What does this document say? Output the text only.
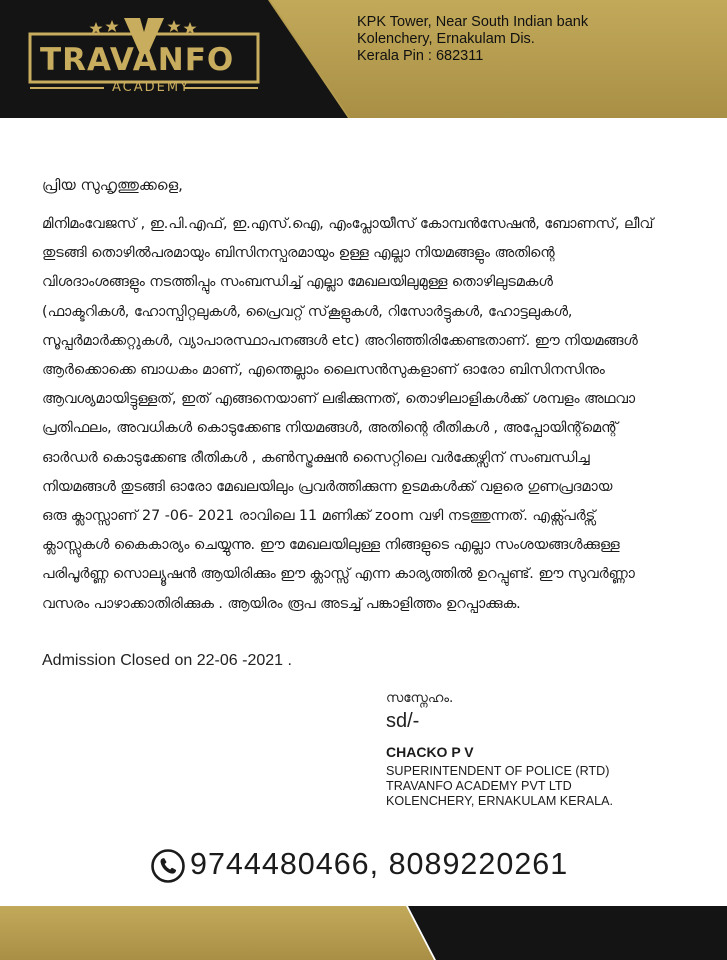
TRAVANFO
ACADEMY
KPK Tower, Near South Indian bank
Kolenchery, Ernakulam Dis.
Kerala Pin : 682311
പ്രിയ സുഹൃത്തുക്കളെ,
മിനിമംവേജസ് , ഇ.പി.എഫ്, ഇ.എസ്.ഐ, എംപ്ലോയീസ് കോമ്പൻസേഷൻ, ബോണസ്, ലീവ്
തുടങ്ങി തൊഴിൽപരമായും ബിസിനസ്പരമായും ഉള്ള എല്ലാ നിയമങ്ങളും അതിന്റെ
വിശദാംശങ്ങളും നടത്തിപ്പും സംബന്ധിച്ച് എല്ലാ മേഖലയിലുമുള്ള തൊഴിലുടമകൾ
(ഫാക്ടറികൾ, ഹോസ്പിറ്റലുകൾ, പ്രൈവറ്റ് സ്‌കൂളുകൾ, റിസോർട്ടുകൾ, ഹോട്ടലുകൾ,
സൂപ്പർമാർക്കറ്റുകൾ, വ്യാപാരസ്ഥാപനങ്ങൾ etc) അറിഞ്ഞിരിക്കേണ്ടതാണ്. ഈ നിയമങ്ങൾ
ആർക്കൊക്കെ ബാധകം മാണ്, എന്തെല്ലാം ലൈസൻസുകളാണ് ഓരോ ബിസിനസിനും
ആവശ്യമായിട്ടുള്ളത്, ഇത് എങ്ങനെയാണ് ലഭിക്കുന്നത്, തൊഴിലാളികൾക്ക് ശമ്പളം അഥവാ
പ്രതിഫലം, അവധികൾ കൊടുക്കേണ്ട നിയമങ്ങൾ, അതിന്റെ രീതികൾ , അപ്പോയിന്റ്മെന്റ്
ഓർഡർ കൊടുക്കേണ്ട രീതികൾ , കൺസ്ട്രക്ഷൻ സൈറ്റിലെ വർക്കേഴ്സിന് സംബന്ധിച്ച
നിയമങ്ങൾ തുടങ്ങി ഓരോ മേഖലയിലും പ്രവർത്തിക്കുന്ന ഉടമകൾക്ക് വളരെ ഗുണപ്രദമായ
ഒരു ക്ലാസ്സാണ് 27 -06- 2021 രാവിലെ 11 മണിക്ക് zoom വഴി നടത്തുന്നത്. എക്സ്പർട്സ്
ക്ലാസ്സുകൾ കൈകാര്യം ചെയ്യുന്നു. ഈ മേഖലയിലുള്ള നിങ്ങളുടെ എല്ലാ സംശയങ്ങൾക്കുള്ള
പരിപൂർണ്ണ സൊല്യൂഷൻ ആയിരിക്കും ഈ ക്ലാസ്സ് എന്ന കാര്യത്തിൽ ഉറപ്പുണ്ട്. ഈ സുവർണ്ണാ
വസരം പാഴാക്കാതിരിക്കുക . ആയിരം രൂപ അടച്ച് പങ്കാളിത്തം ഉറപ്പാക്കുക.
Admission Closed on 22-06 -2021 .
സസ്നേഹം.
sd/-
CHACKO P V
SUPERINTENDENT OF POLICE (RTD)
TRAVANFO ACADEMY PVT LTD
KOLENCHERY, ERNAKULAM KERALA.
9744480466, 8089220261
